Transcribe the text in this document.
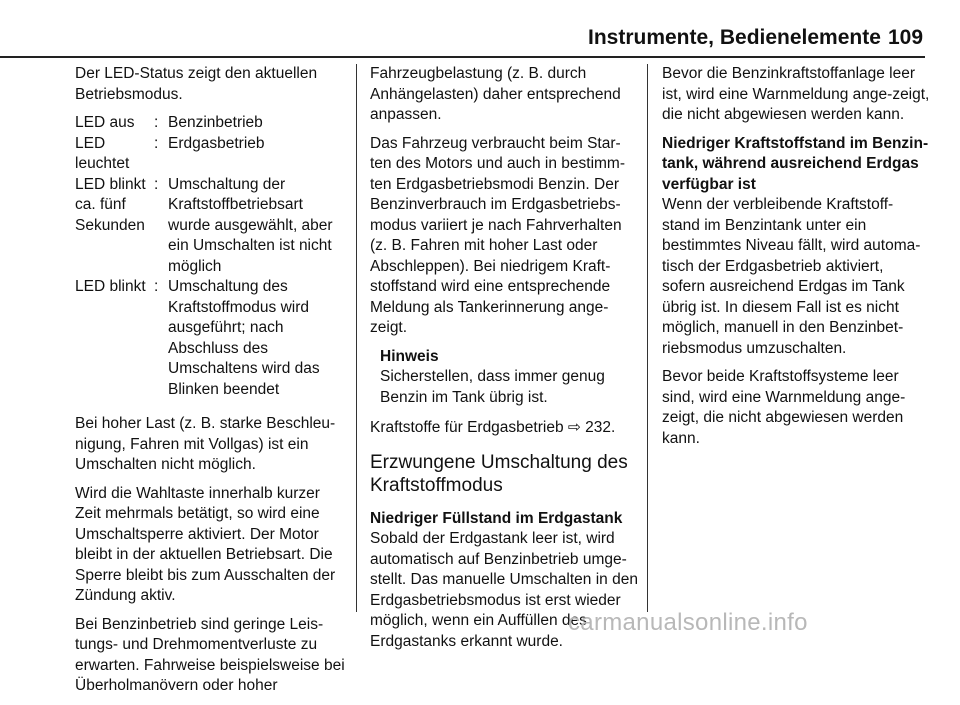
Instrumente, Bedienelemente 109

Der LED-Status zeigt den aktuellen Betriebsmodus.

LED aus	: Benzinbetrieb
LED leuchtet
: Erdgasbetrieb
LED blinkt ca. fünf Sekunden
: Umschaltung der Kraftstoffbetriebsart wurde ausgewählt, aber ein Umschalten ist nicht möglich
LED blinkt : Umschaltung des Kraftstoffmodus wird ausgeführt; nach Abschluss des Umschaltens wird das Blinken beendet

Bei hoher Last (z. B. starke Beschleu-nigung, Fahren mit Vollgas) ist ein Umschalten nicht möglich.

Wird die Wahltaste innerhalb kurzer Zeit mehrmals betätigt, so wird eine Umschaltsperre aktiviert. Der Motor bleibt in der aktuellen Betriebsart. Die Sperre bleibt bis zum Ausschalten der Zündung aktiv.

Bei Benzinbetrieb sind geringe Leis-tungs- und Drehmomentverluste zu erwarten. Fahrweise beispielsweise bei Überholmanövern oder hoher

Fahrzeugbelastung (z. B. durch Anhängelasten) daher entsprechend anpassen.

Das Fahrzeug verbraucht beim Star-ten des Motors und auch in bestimm-ten Erdgasbetriebsmodi Benzin. Der Benzinverbrauch im Erdgasbetriebs-modus variiert je nach Fahrverhalten (z. B. Fahren mit hoher Last oder Abschleppen). Bei niedrigem Kraft-stoffstand wird eine entsprechende Meldung als Tankerinnerung ange-zeigt.

Hinweis
Sicherstellen, dass immer genug Benzin im Tank übrig ist.

Kraftstoffe für Erdgasbetrieb ⇨ 232.

Erzwungene Umschaltung des Kraftstoffmodus
Niedriger Füllstand im Erdgastank

Sobald der Erdgastank leer ist, wird automatisch auf Benzinbetrieb umge-stellt. Das manuelle Umschalten in den Erdgasbetriebsmodus ist erst wieder möglich, wenn ein Auffüllen des Erdgastanks erkannt wurde.

Bevor die Benzinkraftstoffanlage leer ist, wird eine Warnmeldung ange-zeigt, die nicht abgewiesen werden kann.

Niedriger Kraftstoffstand im Benzin-tank, während ausreichend Erdgas verfügbar ist

Wenn der verbleibende Kraftstoff-stand im Benzintank unter ein bestimmtes Niveau fällt, wird automa-tisch der Erdgasbetrieb aktiviert, sofern ausreichend Erdgas im Tank übrig ist. In diesem Fall ist es nicht möglich, manuell in den Benzinbet-riebsmodus umzuschalten.

Bevor beide Kraftstoffsysteme leer sind, wird eine Warnmeldung ange-zeigt, die nicht abgewiesen werden kann.

carmanualsonline.info
